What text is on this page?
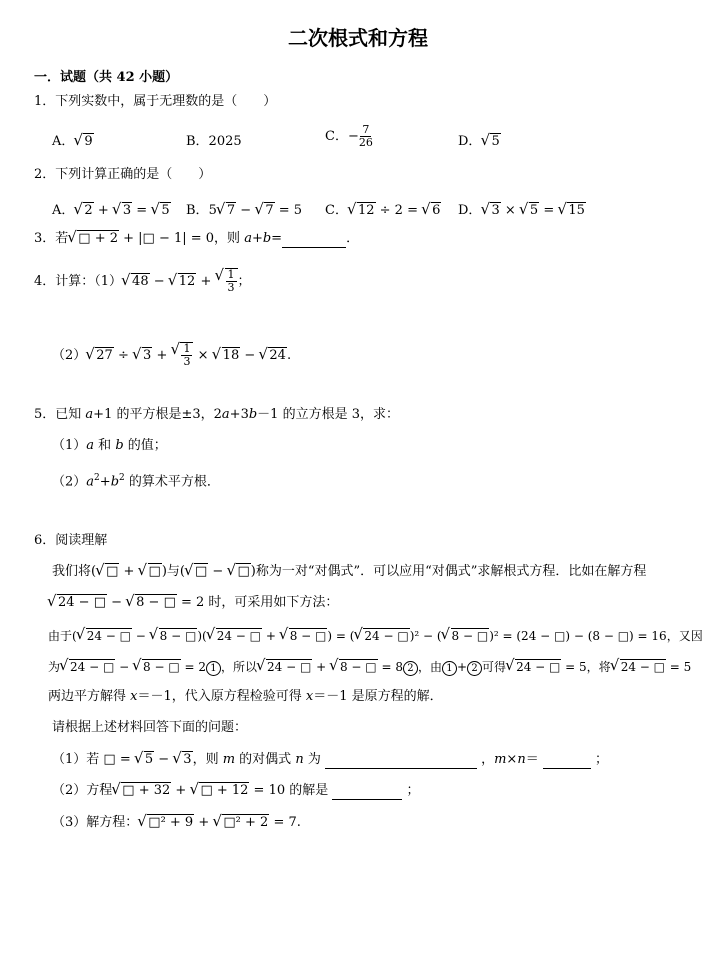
二次根式和方程
一．试题（共 42 小题）
1．下列实数中，属于无理数的是（　　）
A． √ 9	B．2025	C．− $\frac{7}{26}$	D． √ 5
2．下列计算正确的是（　　）
A． √ 2 + √ 3 = √ 5 B．5 √ 7 − √ 7 = 5 C． √ 12 ÷ 2 = √ 6 D． √ 3 × √ 5 = √ 15
3．若 √ □ + 2 + |□ − 1| = 0，则 a+b=	．
4．计算：（1） √ 48 − √ 12 + √ $\frac{1}{3}$ ；
（2） √ 27 ÷ √ 3 + √ $\frac{1}{3}$ × √ 18 − √ 24.
5．已知 a+1 的平方根是±3，2a+3b－1 的立方根是 3，求：
（1）a 和 b 的值；
$(2)a^2+b^2$ 的算术平方根．
6．阅读理解
我们将( √ □ + √ □)与( √ □ − √ □)称为一对“对偶式”．可以应用“对偶式”求解根式方程．比如在解方程
√ 24 − □ − √ 8 − □ = 2 时，可采用如下方法：
由于( √ 24 − □ − √ 8 − □)( √ 24 − □ + √ 8 − □) = ( √ 24 − □)² − ( √ 8 − □)² = (24 − □) − (8 − □) = 16，又因
为 √ 24 − □ − √ 8 − □ = 2 1 ，所以 √ 24 − □ + √ 8 − □ = 8 2 ，由 1 + 2 可得 √ 24 − □ = 5，将 √ 24 − □ = 5
两边平方解得 x＝－1，代入原方程检验可得 x＝－1 是原方程的解．
请根据上述材料回答下面的问题：
（1）若 □ = √ 5 − √ 3，则 m 的对偶式 n 为	，m×n＝	；
（2）方程 √ □ + 32 + √ □ + 12 = 10 的解是	；
（3）解方程： √ □² + 9 + √ □² + 2 = 7.
